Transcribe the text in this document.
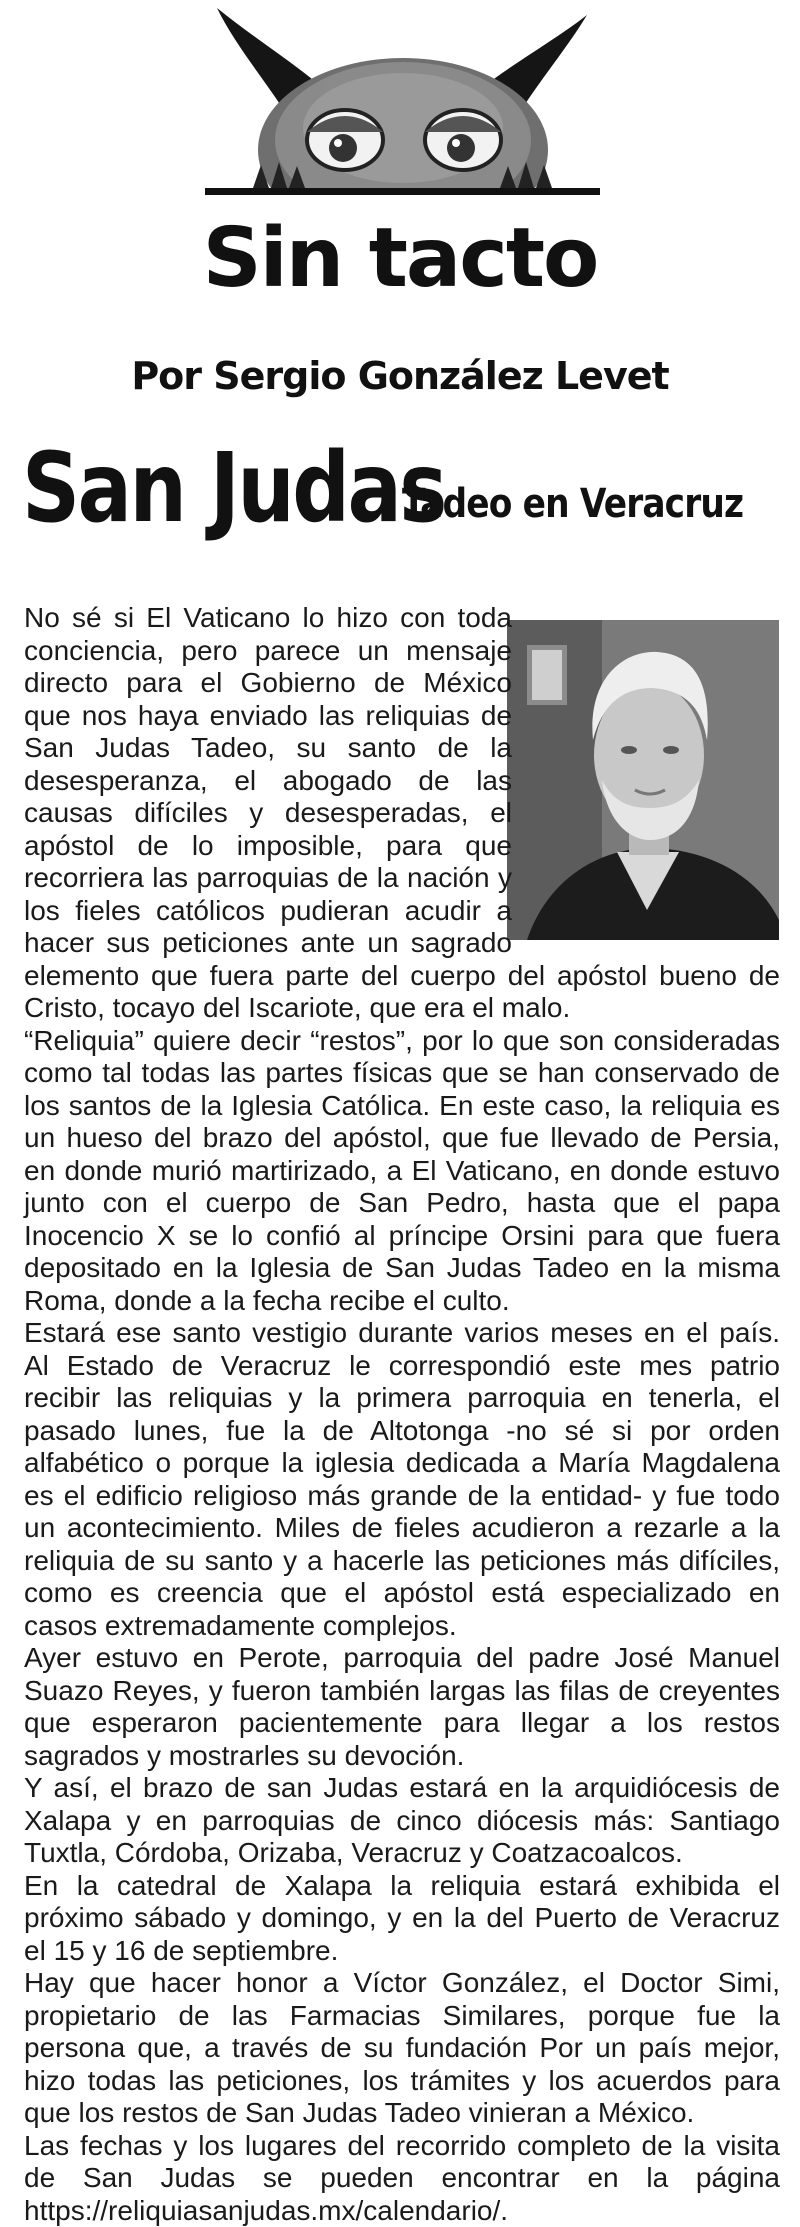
Sin tacto
Por Sergio González Levet
San Judas
Tadeo en Veracruz

No sé si El Vaticano lo hizo con toda conciencia, pero parece un mensaje directo para el Gobierno de México que nos haya enviado las reliquias de San Judas Tadeo, su santo de la desesperanza, el abogado de las causas difíciles y desesperadas, el apóstol de lo imposible, para que recorriera las parroquias de la nación y los fieles católicos pudieran acudir a hacer sus peticiones ante un sagrado elemento que fuera parte del cuerpo del apóstol bueno de Cristo, tocayo del Iscariote, que era el malo.

“Reliquia” quiere decir “restos”, por lo que son consideradas como tal todas las partes físicas que se han conservado de los santos de la Iglesia Católica. En este caso, la reliquia es un hueso del brazo del apóstol, que fue llevado de Persia, en donde murió martirizado, a El Vaticano, en donde estuvo junto con el cuerpo de San Pedro, hasta que el papa Inocencio X se lo confió al príncipe Orsini para que fuera depositado en la Iglesia de San Judas Tadeo en la misma Roma, donde a la fecha recibe el culto.

Estará ese santo vestigio durante varios meses en el país. Al Estado de Veracruz le correspondió este mes patrio recibir las reliquias y la primera parroquia en tenerla, el pasado lunes, fue la de Altotonga -no sé si por orden alfabético o porque la iglesia dedicada a María Magdalena es el edificio religioso más grande de la entidad- y fue todo un acontecimiento. Miles de fieles acudieron a rezarle a la reliquia de su santo y a hacerle las peticiones más difíciles, como es creencia que el apóstol está especializado en casos extremadamente complejos.

Ayer estuvo en Perote, parroquia del padre José Manuel Suazo Reyes, y fueron también largas las filas de creyentes que esperaron pacientemente para llegar a los restos sagrados y mostrarles su devoción.

Y así, el brazo de san Judas estará en la arquidiócesis de Xalapa y en parroquias de cinco diócesis más: Santiago Tuxtla, Córdoba, Orizaba, Veracruz y Coatzacoalcos.

En la catedral de Xalapa la reliquia estará exhibida el próximo sábado y domingo, y en la del Puerto de Veracruz el 15 y 16 de septiembre.

Hay que hacer honor a Víctor González, el Doctor Simi, propietario de las Farmacias Similares, porque fue la persona que, a través de su fundación Por un país mejor, hizo todas las peticiones, los trámites y los acuerdos para que los restos de San Judas Tadeo vinieran a México.

Las fechas y los lugares del recorrido completo de la visita de San Judas se pueden encontrar en la página https://reliquiasanjudas.mx/calendario/.
